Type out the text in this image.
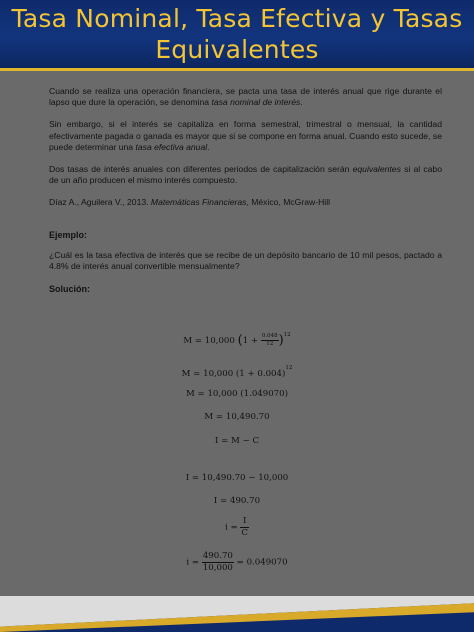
Tasa Nominal, Tasa Efectiva y Tasas
Equivalentes

Cuando se realiza una operación financiera, se pacta una tasa de interés anual que rige durante el lapso que dure la operación, se denomina tasa nominal de interés.

Sin embargo, si el interés se capitaliza en forma semestral, trimestral o mensual, la cantidad efectivamente pagada o ganada es mayor que si se compone en forma anual. Cuando esto sucede, se puede determinar una tasa efectiva anual.

Dos tasas de interés anuales con diferentes periodos de capitalización serán equivalentes si al cabo de un año producen el mismo interés compuesto.

Díaz A., Aguilera V., 2013. Matemáticas Financieras, México, McGraw-Hill

Ejemplo:

¿Cuál es la tasa efectiva de interés que se recibe de un depósito bancario de 10 mil pesos, pactado a 4.8% de interés anual convertible mensualmente?

Solución:
M = 10,000 $(1 + \frac{0.048}{12} )^{12}$
M = 10,000 $(1 + 0.004)^{12}$
M = 10,000 (1.049070)
M = 10,490.70
I = M − C
I = 10,490.70 − 10,000
I = 490.70
$i = \frac{I}{C}$
$i = \frac{490.70}{10,000} = 0.049070$
